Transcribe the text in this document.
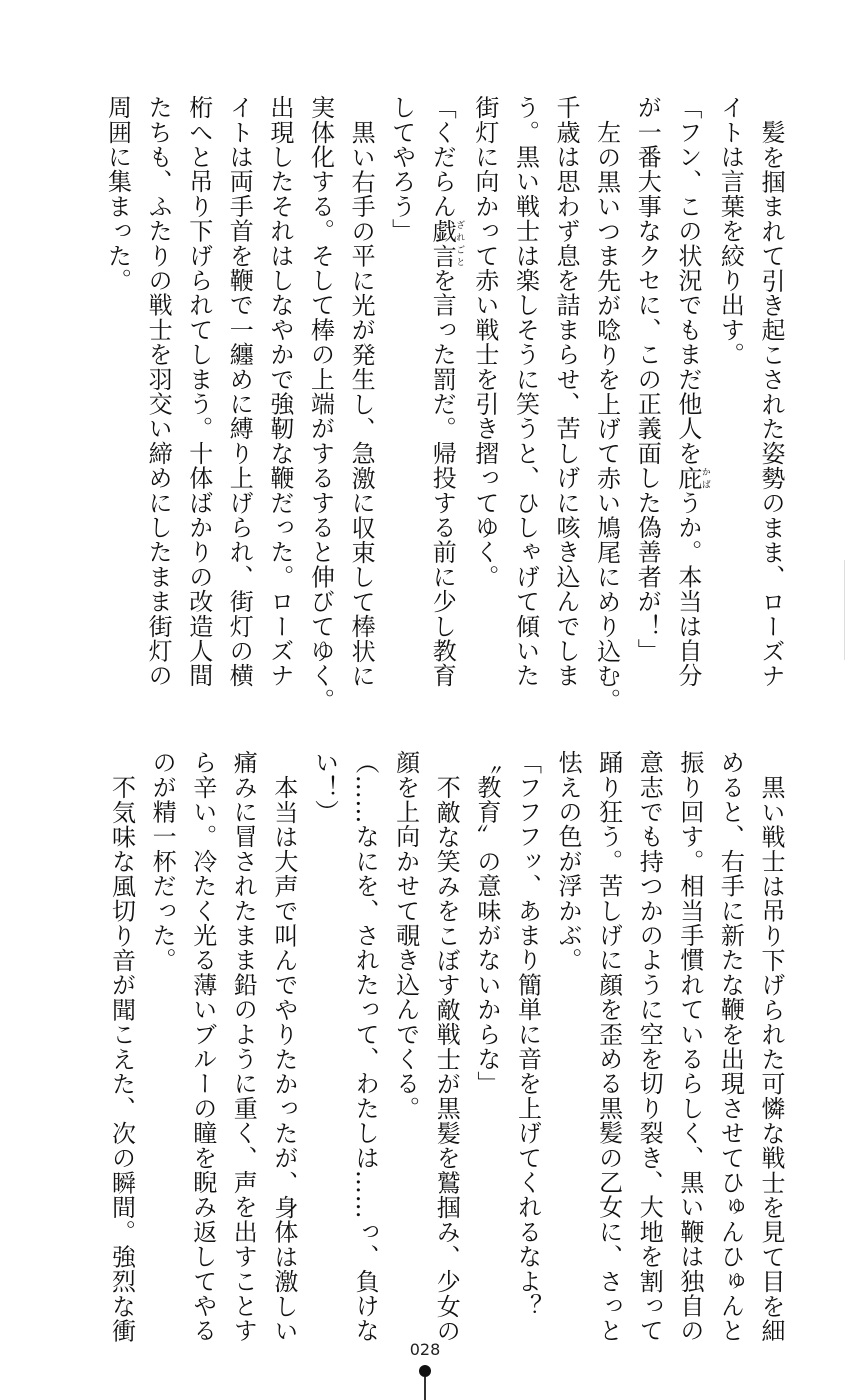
髪を掴まれて引き起こされた姿勢のまま、ローズナ
イトは言葉を絞り出す。
「フン、この状況でもまだ他人を庇かばうか。本当は自分
が一番大事なクセに、この正義面した偽善者が！」
左の黒いつま先が唸りを上げて赤い鳩尾にめり込む。
千歳は思わず息を詰まらせ、苦しげに咳き込んでしま
う。黒い戦士は楽しそうに笑うと、ひしゃげて傾いた
街灯に向かって赤い戦士を引き摺ってゆく。
「くだらん戯言ざれごとを言った罰だ。帰投する前に少し教育
してやろう」
黒い右手の平に光が発生し、急激に収束して棒状に
実体化する。そして棒の上端がするすると伸びてゆく。
出現したそれはしなやかで強靭な鞭だった。ローズナ
イトは両手首を鞭で一纏めに縛り上げられ、街灯の横
桁へと吊り下げられてしまう。十体ばかりの改造人間
たちも、ふたりの戦士を羽交い締めにしたまま街灯の
周囲に集まった。
黒い戦士は吊り下げられた可憐な戦士を見て目を細
めると、右手に新たな鞭を出現させてひゅんひゅんと
振り回す。相当手慣れているらしく、黒い鞭は独自の
意志でも持つかのように空を切り裂き、大地を割って
踊り狂う。苦しげに顔を歪める黒髪の乙女に、さっと
怯えの色が浮かぶ。
「フフフッ、あまり簡単に音を上げてくれるなよ？
〝教育〟の意味がないからな」
不敵な笑みをこぼす敵戦士が黒髪を鷲掴み、少女の
顔を上向かせて覗き込んでくる。
（……なにを、されたって、わたしは……っ、負けな
い！）
本当は大声で叫んでやりたかったが、身体は激しい
痛みに冒されたまま鉛のように重く、声を出すことす
ら辛い。冷たく光る薄いブルーの瞳を睨み返してやる
のが精一杯だった。
不気味な風切り音が聞こえた、次の瞬間。強烈な衝
028
